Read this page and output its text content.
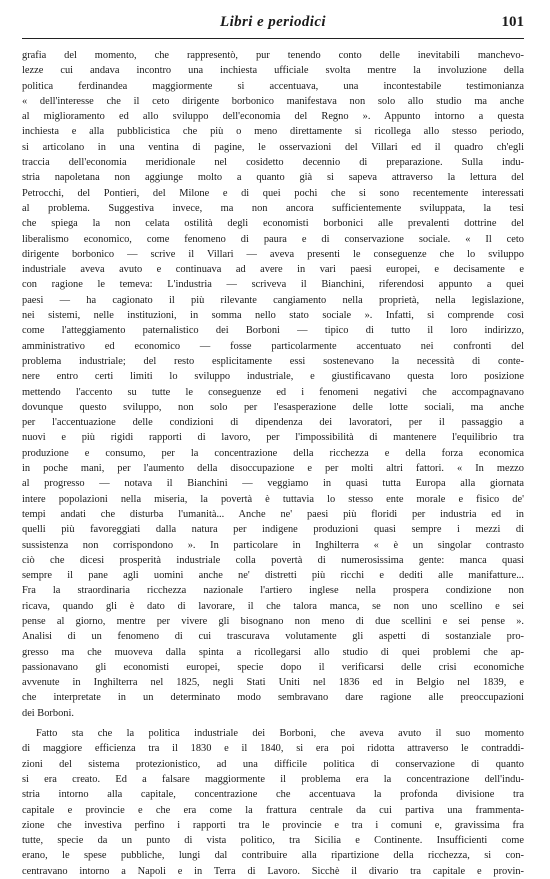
Libri e periodici	101
grafia del momento, che rappresentò, pur tenendo conto delle inevitabili manchevo-
lezze cui andava incontro una inchiesta ufficiale svolta mentre la involuzione della
politica ferdinandea maggiormente si accentuava, una incontestabile testimonianza
« dell'interesse che il ceto dirigente borbonico manifestava non solo allo studio ma anche
al miglioramento ed allo sviluppo dell'economia del Regno ». Appunto intorno a questa
inchiesta e alla pubblicistica che più o meno direttamente si ricollega allo stesso periodo,
si articolano in una ventina di pagine, le osservazioni del Villari ed il quadro ch'egli
traccia dell'economia meridionale nel cosidetto decennio di preparazione. Sulla indu-
stria napoletana non aggiunge molto a quanto già si sapeva attraverso la lettura del
Petrocchi, del Pontieri, del Milone e di quei pochi che si sono recentemente interessati
al problema. Suggestiva invece, ma non ancora sufficientemente sviluppata, la tesi
che spiega la non celata ostilità degli economisti borbonici alle prevalenti dottrine del
liberalismo economico, come fenomeno di paura e di conservazione sociale. « Il ceto
dirigente borbonico — scrive il Villari — aveva presenti le conseguenze che lo sviluppo
industriale aveva avuto e continuava ad avere in vari paesi europei, e decisamente e
con ragione le temeva: L'industria — scriveva il Bianchini, riferendosi appunto a quei
paesi — ha cagionato il più rilevante cangiamento nella proprietà, nella legislazione,
nei sistemi, nelle instituzioni, in somma nello stato sociale ». Infatti, si comprende così
come l'atteggiamento paternalistico dei Borboni — tipico di tutto il loro indirizzo,
amministrativo ed economico — fosse particolarmente accentuato nei confronti del
problema industriale; del resto esplicitamente essi sostenevano la necessità di conte-
nere entro certi limiti lo sviluppo industriale, e giustificavano questa loro posizione
mettendo l'accento su tutte le conseguenze ed i fenomeni negativi che accompagnavano
dovunque questo sviluppo, non solo per l'esasperazione delle lotte sociali, ma anche
per l'accentuazione delle condizioni di dipendenza dei lavoratori, per il passaggio a
nuovi e più rigidi rapporti di lavoro, per l'impossibilità di mantenere l'equilibrio tra
produzione e consumo, per la concentrazione della ricchezza e della forza economica
in poche mani, per l'aumento della disoccupazione e per molti altri fattori. « In mezzo
al progresso — notava il Bianchini — veggiamo in quasi tutta Europa alla giornata
intere popolazioni nella miseria, la povertà è tuttavia lo stesso ente morale e fisico de'
tempi andati che disturba l'umanità... Anche ne' paesi più floridi per industria ed in
quelli più favoreggiati dalla natura per indigene produzioni quasi sempre i mezzi di
sussistenza non corrispondono ». In particolare in Inghilterra « è un singolar contrasto
ciò che dicesi prosperità industriale colla povertà di numerosissima gente: manca quasi
sempre il pane agli uomini anche ne' distretti più ricchi e dediti alle manifatture...
Fra la straordinaria ricchezza nazionale l'artiero inglese nella prospera condizione non
ricava, quando gli è dato di lavorare, il che talora manca, se non uno scellino e sei
pense al giorno, mentre per vivere gli bisognano non meno di due scellini e sei pense ».
Analisi di un fenomeno di cui trascurava volutamente gli aspetti di sostanziale pro-
gresso ma che muoveva dalla spinta a ricollegarsi allo studio di quei problemi che ap-
passionavano gli economisti europei, specie dopo il verificarsi delle crisi economiche
avvenute in Inghilterra nel 1825, negli Stati Uniti nel 1836 ed in Belgio nel 1839, e
che interpretate in un determinato modo sembravano dare ragione alle preoccupazioni
dei Borboni.
Fatto sta che la politica industriale dei Borboni, che aveva avuto il suo momento
di maggiore efficienza tra il 1830 e il 1840, si era poi ridotta attraverso le contraddi-
zioni del sistema protezionistico, ad una difficile politica di conservazione di quanto
si era creato. Ed a falsare maggiormente il problema era la concentrazione dell'indu-
stria intorno alla capitale, concentrazione che accentuava la profonda divisione tra
capitale e provincie e che era come la frattura centrale da cui partiva una frammenta-
zione che investiva perfino i rapporti tra le provincie e tra i comuni e, gravissima fra
tutte, specie da un punto di vista politico, tra Sicilia e Continente. Insufficienti come
erano, le spese pubbliche, lungi dal contribuire alla ripartizione della ricchezza, si con-
centravano intorno a Napoli e in Terra di Lavoro. Sicchè il divario tra capitale e provin-
